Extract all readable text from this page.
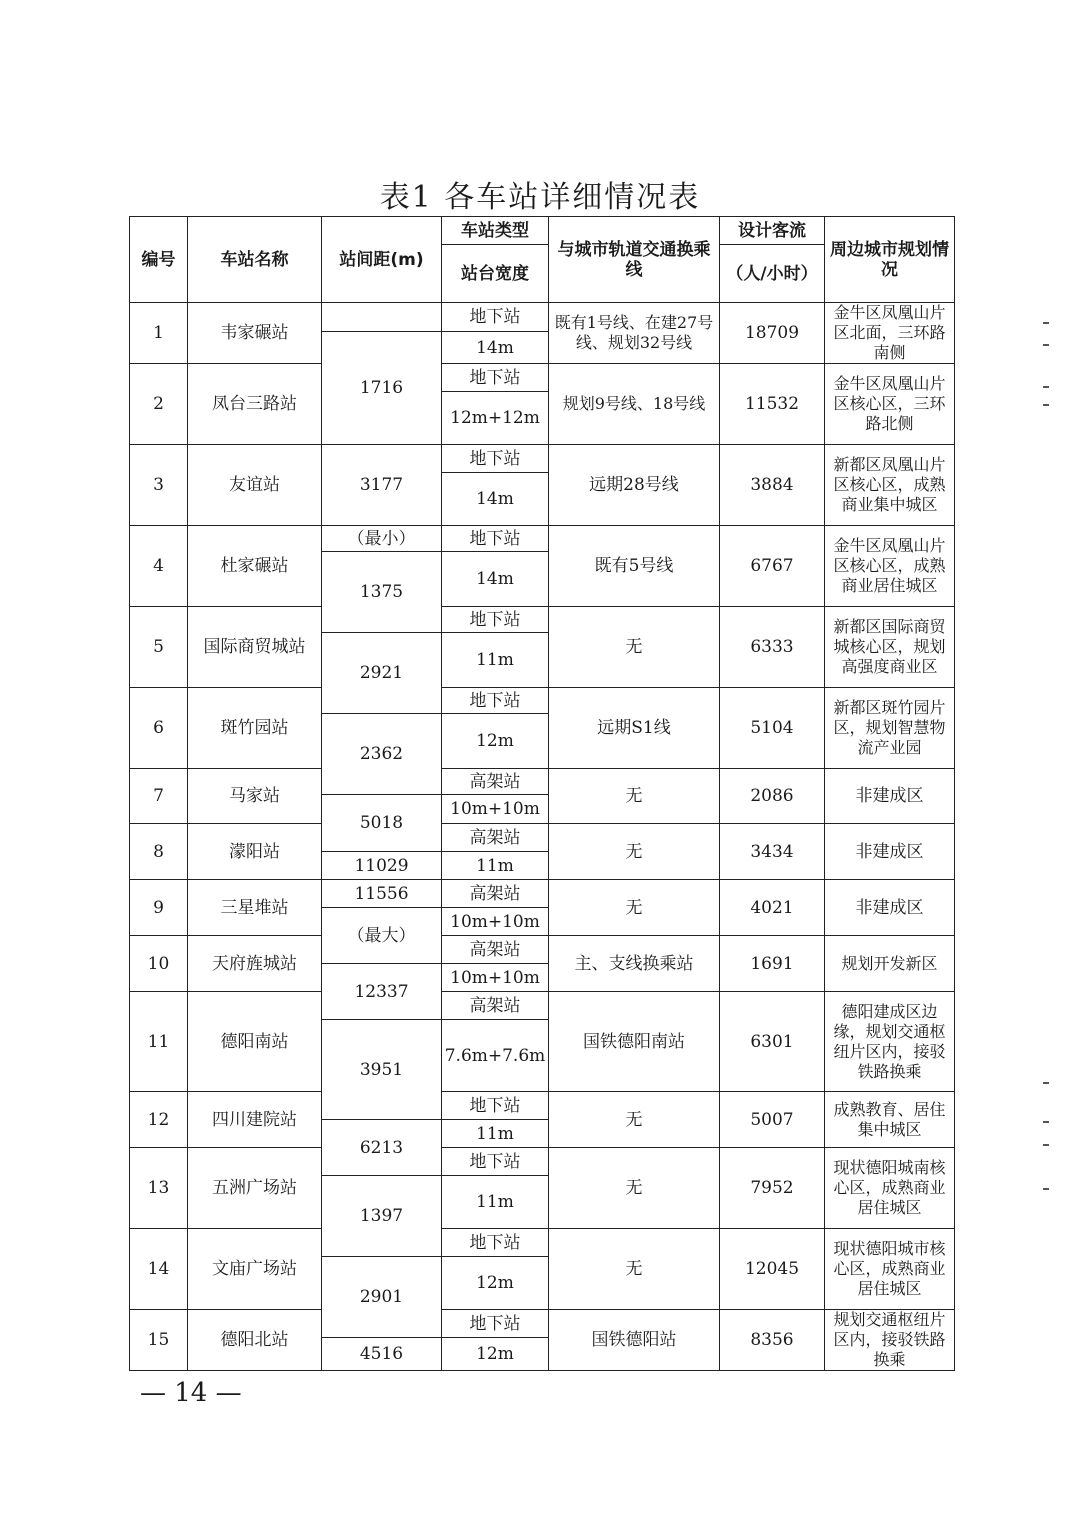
表1 各车站详细情况表
编号	车站名称	站间距(m)	车站类型	与城市轨道交通换乘线	设计客流	周边城市规划情况
			站台宽度		（人/小时）	
1	韦家碾站		地下站	既有1号线、在建27号线、规划32号线	18709	金牛区凤凰山片区北面，三环路南侧
		1716	14m			
2	凤台三路站		地下站	规划9号线、18号线	11532	金牛区凤凰山片区核心区，三环路北侧
			12m+12m			
3	友谊站	3177	地下站	远期28号线	3884	新都区凤凰山片区核心区，成熟商业集中城区
			14m			
4	杜家碾站	（最小）	地下站	既有5号线	6767	金牛区凤凰山片区核心区，成熟商业居住城区
		1375	14m			
5	国际商贸城站		地下站	无	6333	新都区国际商贸城核心区，规划高强度商业区
		2921	11m			
6	斑竹园站		地下站	远期S1线	5104	新都区斑竹园片区，规划智慧物流产业园
		2362	12m			
7	马家站		高架站	无	2086	非建成区
		5018	10m+10m			
8	濛阳站		高架站	无	3434	非建成区
		11029	11m			
9	三星堆站	11556	高架站	无	4021	非建成区
		（最大）	10m+10m			
10	天府旌城站		高架站	主、支线换乘站	1691	规划开发新区
		12337	10m+10m			
11	德阳南站		高架站	国铁德阳南站	6301	德阳建成区边缘，规划交通枢纽片区内，接驳铁路换乘
		3951	7.6m+7.6m			
12	四川建院站		地下站	无	5007	成熟教育、居住集中城区
		6213	11m			
13	五洲广场站		地下站	无	7952	现状德阳城南核心区，成熟商业居住城区
		1397	11m			
14	文庙广场站		地下站	无	12045	现状德阳城市核心区，成熟商业居住城区
		2901	12m			
15	德阳北站		地下站	国铁德阳站	8356	规划交通枢纽片区内，接驳铁路换乘
		4516	12m			
— 14 —
